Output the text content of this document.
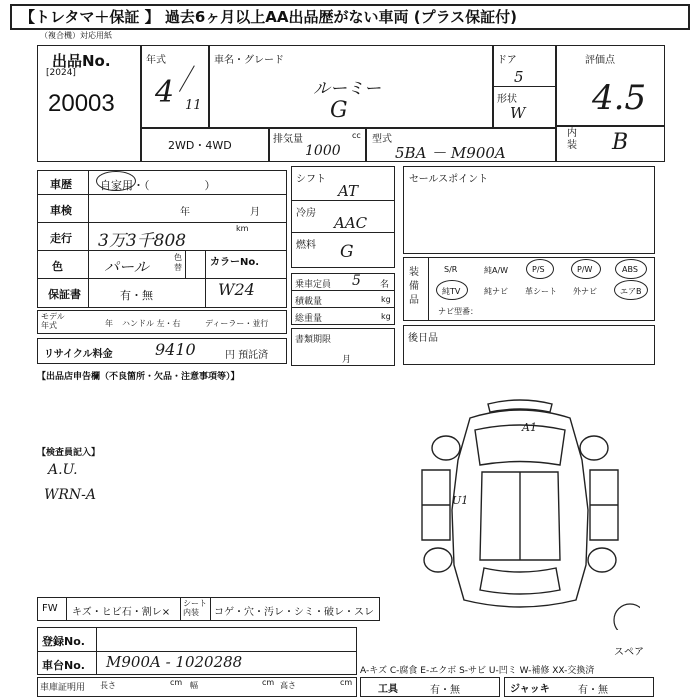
【トレタマ＋保証 】 過去6ヶ月以上AA出品歴がない車両 (プラス保証付)
（複合機）対応用紙
出品No.
[2024]
20003
年式
4 11
車名・グレード
ルーミー
G
ドア
5
形状
W
評価点
4.5
内装 B
2WD・4WD	排気量	cc
1000
型式
5BA － M900A
車歴	自家用・（　　　　　）
車検	年	月
走行 3万3千808
km
色	パール
色替	カラーNo.
W24
保証書	有・無
モデル年式	年 ハンドル 左・右	ディーラー・並行
リサイクル料金	9410	円 預託済
シフト
AT
冷房
AAC
燃料 G
乗車定員 5 名
積載量	kg
総重量	kg
書類期限
月
セールスポイント
装備品
S/R	純A/W	P/S	P/W	ABS
純TV	純ナビ 革シート 外ナビ	エアB
ナビ型番：
後日品
【出品店申告欄（不良箇所・欠品・注意事項等）】
【検査員記入】
A.U.
WRN-A
A1
U1
スペア
FW キズ・ヒビ石・割レ×
シート内装	コゲ・穴・汚レ・シミ・破レ・スレ
登録No.
車台No. M900A - 1020288
車庫証明用 長さ	cm 幅	cm 高さ	cm
A-キズ C-腐食 E-エクボ S-サビ U-凹ミ W-補修 XX-交換済
工具	有・無	ジャッキ	有・無
